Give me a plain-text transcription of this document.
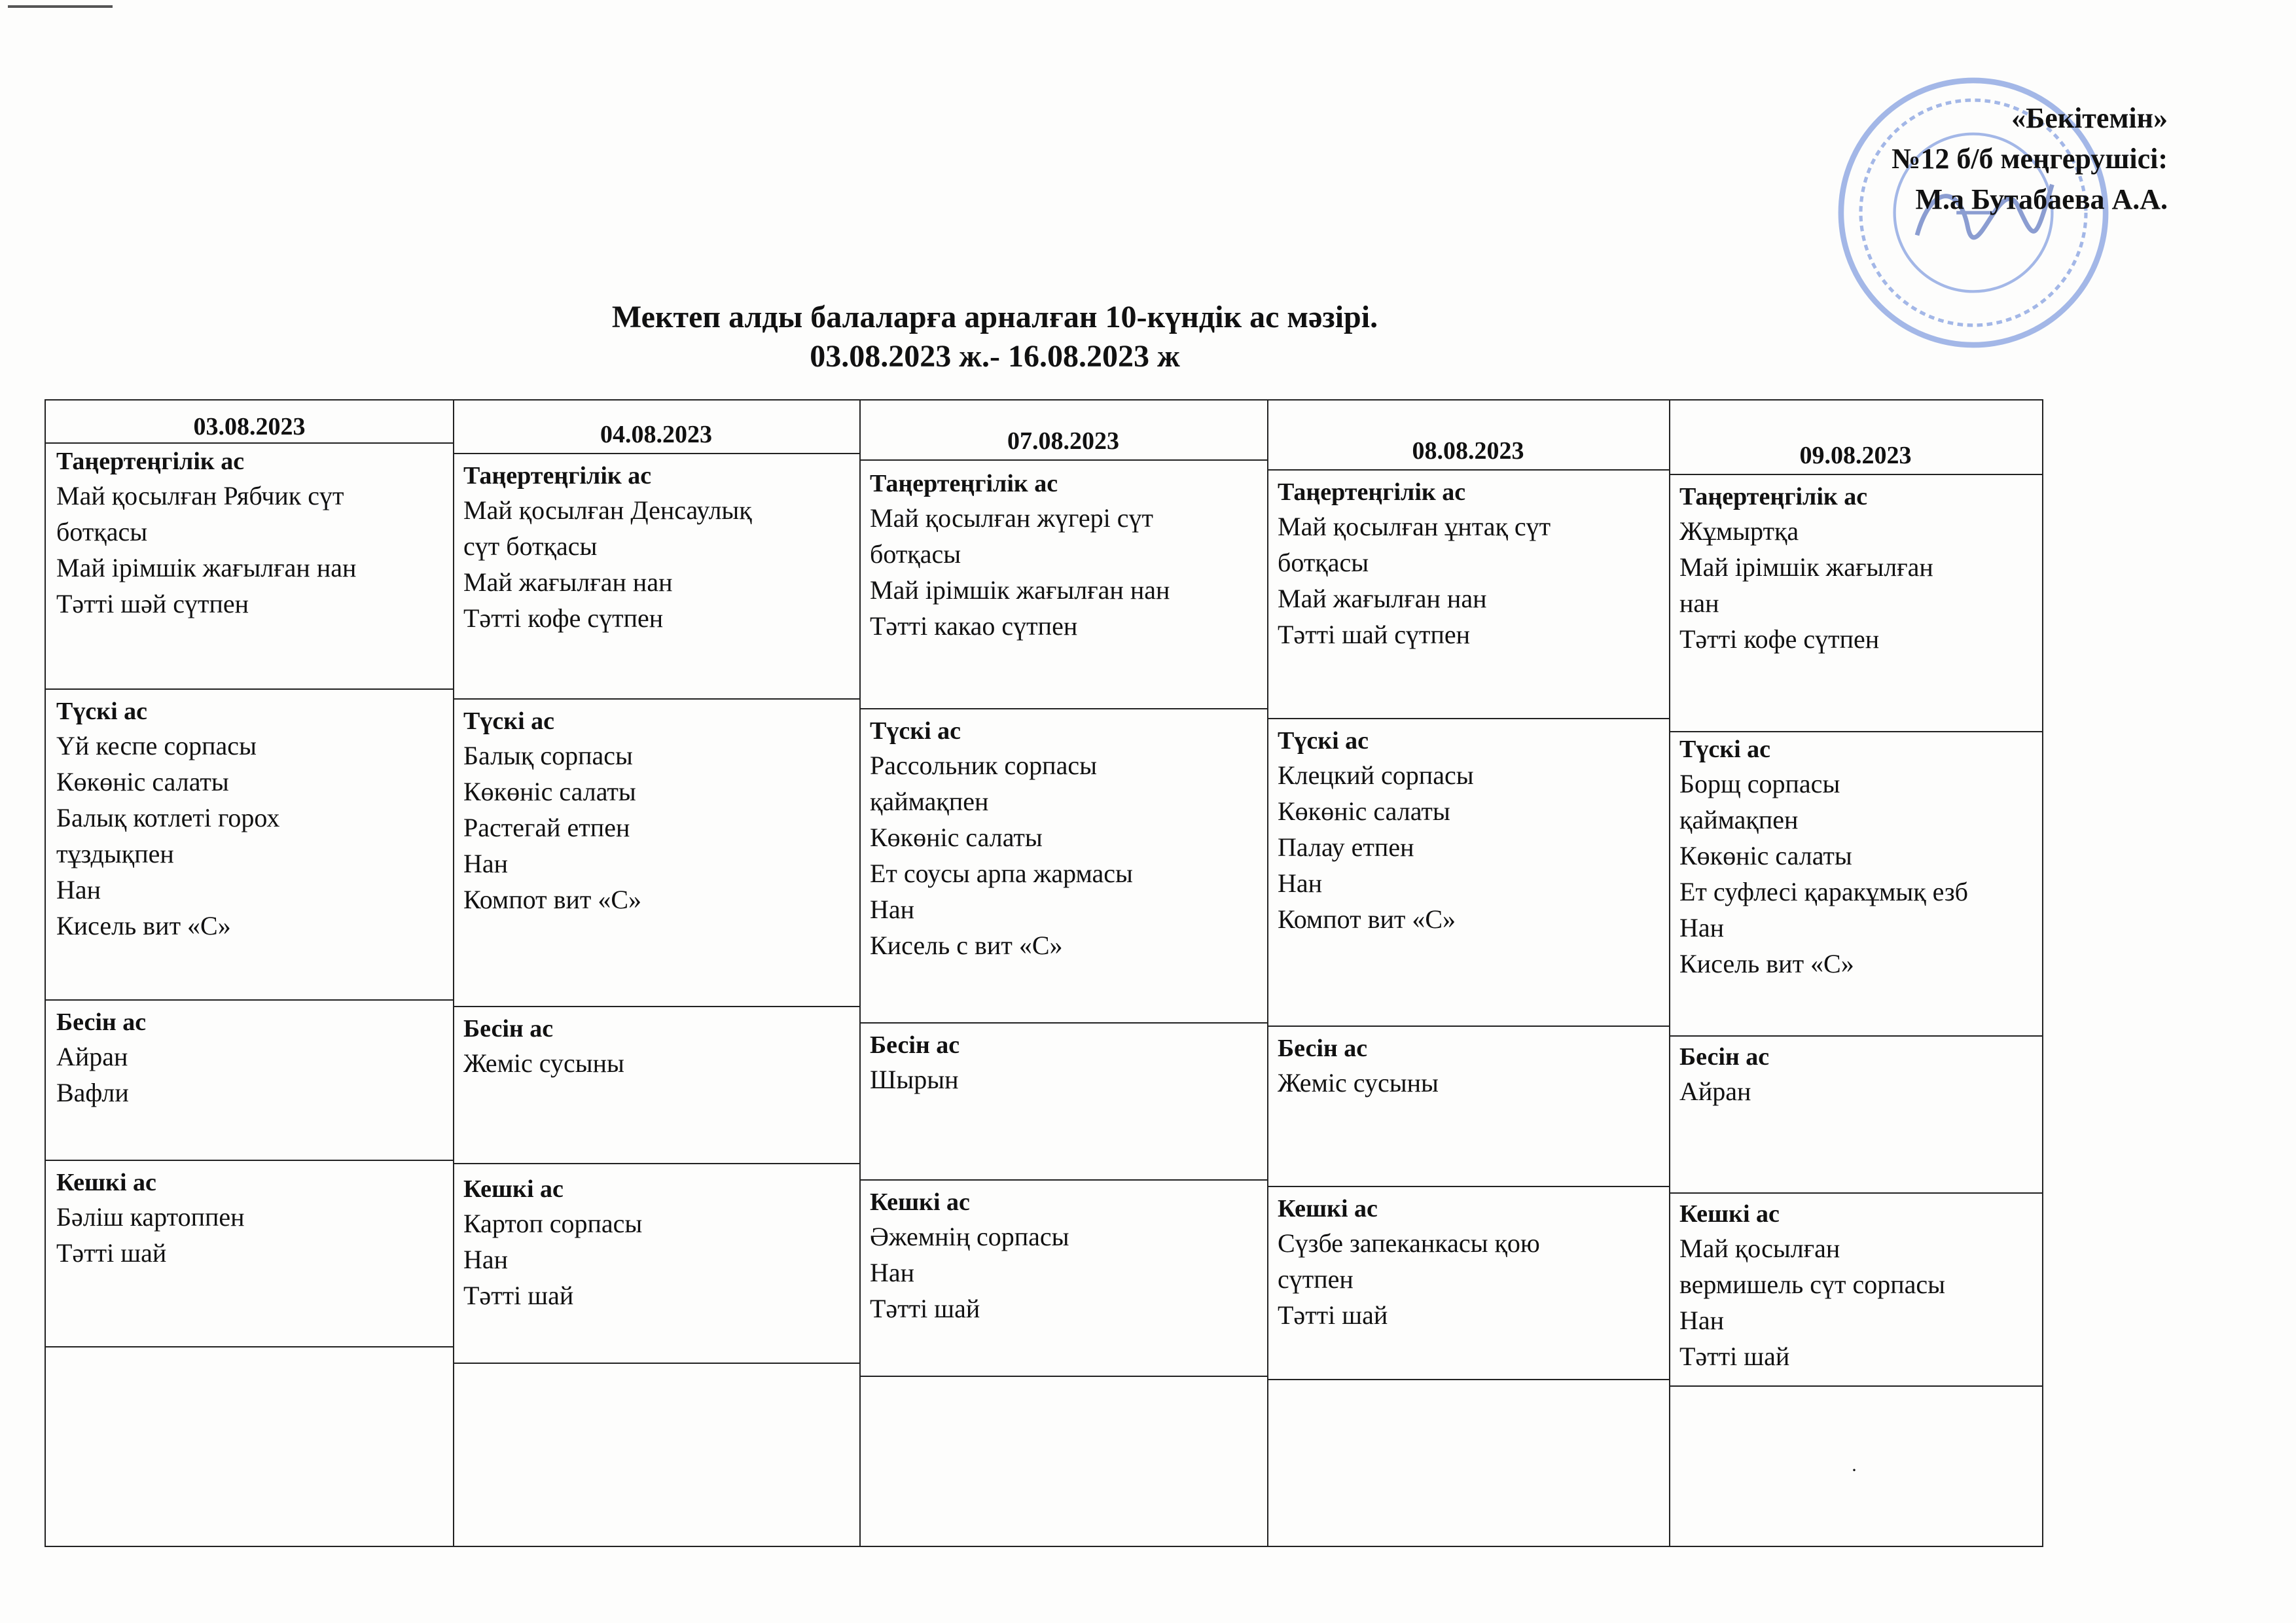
«Бекітемін»
№12 б/б меңгерушісі:
М.а Бутабаева А.А.
Мектеп алды балаларға арналған 10-күндік ас мәзірі.
03.08.2023 ж.- 16.08.2023 ж
03.08.2023
Таңертеңгілік ас
Май қосылған Рябчик сүт
ботқасы
Май ірімшік жағылған нан
Тәтті шәй сүтпен
Түскі ас
Үй кеспе сорпасы
Көкөніс салаты
Балық котлеті горох
тұздықпен
Нан
Кисель вит «С»
Бесін ас
Айран
Вафли
Кешкі ас
Бәліш картоппен
Тәтті шай
04.08.2023
Таңертеңгілік ас
Май қосылған Денсаулық
сүт ботқасы
Май жағылған нан
Тәтті кофе сүтпен
Түскі ас
Балық сорпасы
Көкөніс салаты
Растегай етпен
Нан
Компот вит «С»
Бесін ас
Жеміс сусыны
Кешкі ас
Картоп сорпасы
Нан
Тәтті шай
07.08.2023
Таңертеңгілік ас
Май қосылған жүгері сүт
ботқасы
Май ірімшік жағылған нан
Тәтті какао сүтпен
Түскі ас
Рассольник сорпасы
қаймақпен
Көкөніс салаты
Ет соусы арпа жармасы
Нан
Кисель с вит «С»
Бесін ас
Шырын
Кешкі ас
Әжемнің сорпасы
Нан
Тәтті шай
08.08.2023
Таңертеңгілік ас
Май қосылған ұнтақ сүт
ботқасы
Май жағылған нан
Тәтті шай сүтпен
Түскі ас
Клецкий сорпасы
Көкөніс салаты
Палау етпен
Нан
Компот вит «С»
Бесін ас
Жеміс сусыны
Кешкі ас
Сүзбе запеканкасы қою
сүтпен
Тәтті шай
09.08.2023
Таңертеңгілік ас
Жұмыртқа
Май ірімшік жағылған
нан
Тәтті кофе сүтпен
Түскі ас
Борщ сорпасы
қаймақпен
Көкөніс салаты
Ет суфлесі қаракұмық езб
Нан
Кисель вит «С»
Бесін ас
Айран
Кешкі ас
Май қосылған
вермишель сүт сорпасы
Нан
Тәтті шай
·
